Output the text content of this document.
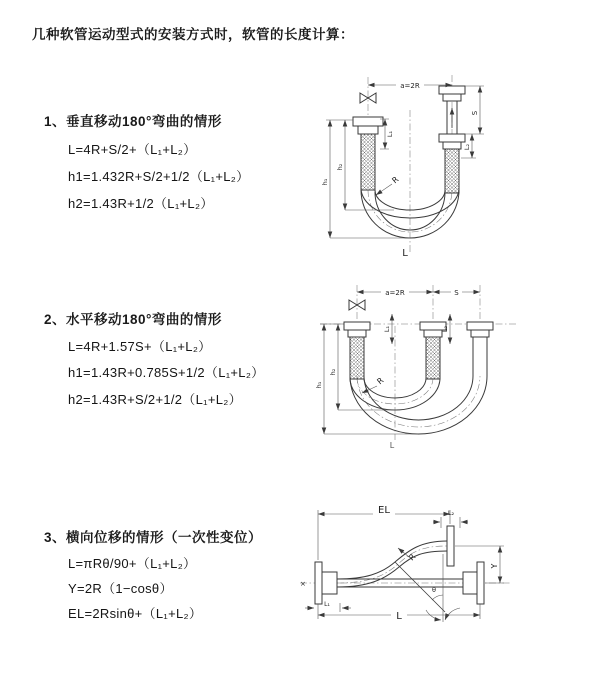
几种软管运动型式的安装方式时，软管的长度计算：
1、垂直移动180°弯曲的情形
L=4R+S/2+（L₁+L₂）
h1=1.432R+S/2+1/2（L₁+L₂）
h2=1.43R+1/2（L₁+L₂）
2、水平移动180°弯曲的情形
L=4R+1.57S+（L₁+L₂）
h1=1.43R+0.785S+1/2（L₁+L₂）
h2=1.43R+S/2+1/2（L₁+L₂）
3、横向位移的情形（一次性变位）
L=πRθ/90+（L₁+L₂）
Y=2R（1−cosθ）
EL=2Rsinθ+（L₁+L₂）
a=2R
S
L₂
L₁
h₁
h₂
R
L
a=2R	S
L₁	L₂
h₁
h₂
R
L
×
EL	L₂
Y
θ
R
L
L₁
